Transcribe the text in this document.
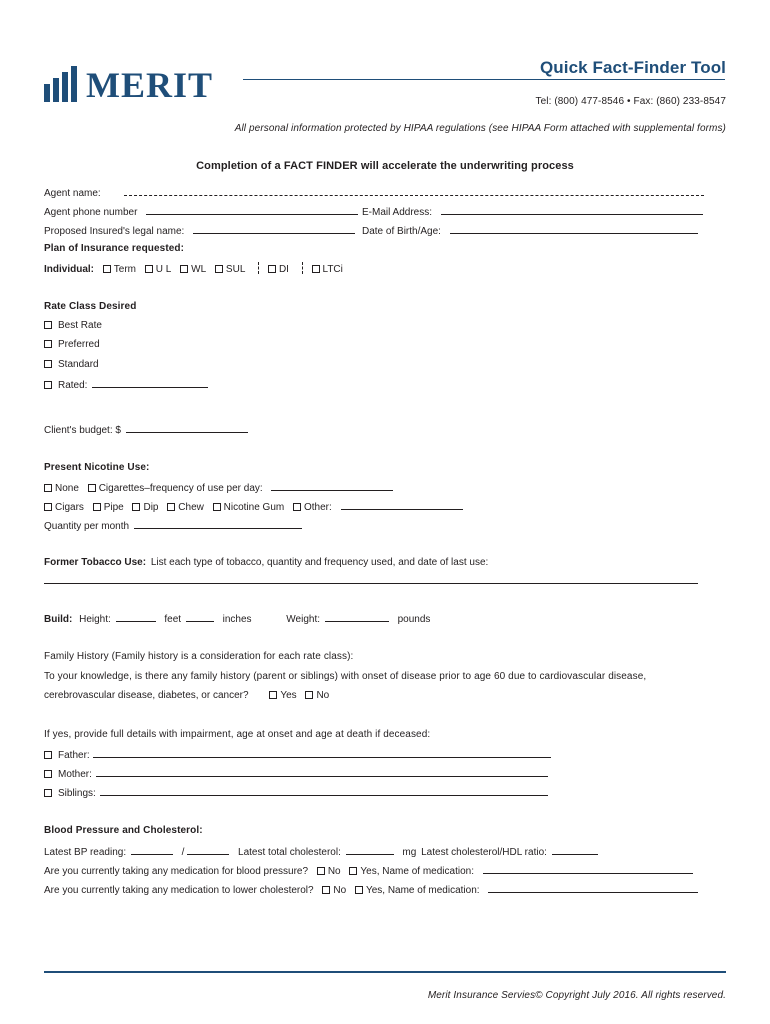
MERIT	Quick Fact-Finder Tool
Tel: (800) 477-8546 • Fax: (860) 233-8547
All personal information protected by HIPAA regulations (see HIPAA Form attached with supplemental forms)
Completion of a FACT FINDER will accelerate the underwriting process
Agent name:
Agent phone number	E-Mail Address:
Proposed Insured's legal name:	Date of Birth/Age:
Plan of Insurance requested:
Individual: Term U L WL SUL	DI	LTCi
Rate Class Desired
Best Rate
Preferred
Standard
Rated:
Client's budget: $
Present Nicotine Use:
None Cigarettes–frequency of use per day:
Cigars Pipe Dip Chew Nicotine Gum Other:
Quantity per month
Former Tobacco Use: List each type of tobacco, quantity and frequency used, and date of last use:
Build: Height:	feet	inches	Weight:	pounds
Family History (Family history is a consideration for each rate class):
To your knowledge, is there any family history (parent or siblings) with onset of disease prior to age 60 due to cardiovascular disease,
cerebrovascular disease, diabetes, or cancer?	Yes No
If yes, provide full details with impairment, age at onset and age at death if deceased:
Father:
Mother:
Siblings:
Blood Pressure and Cholesterol:
Latest BP reading:	/	Latest total cholesterol:	mg Latest cholesterol/HDL ratio:
Are you currently taking any medication for blood pressure? No Yes, Name of medication:
Are you currently taking any medication to lower cholesterol? No Yes, Name of medication:
Merit Insurance Servies© Copyright July 2016. All rights reserved.
